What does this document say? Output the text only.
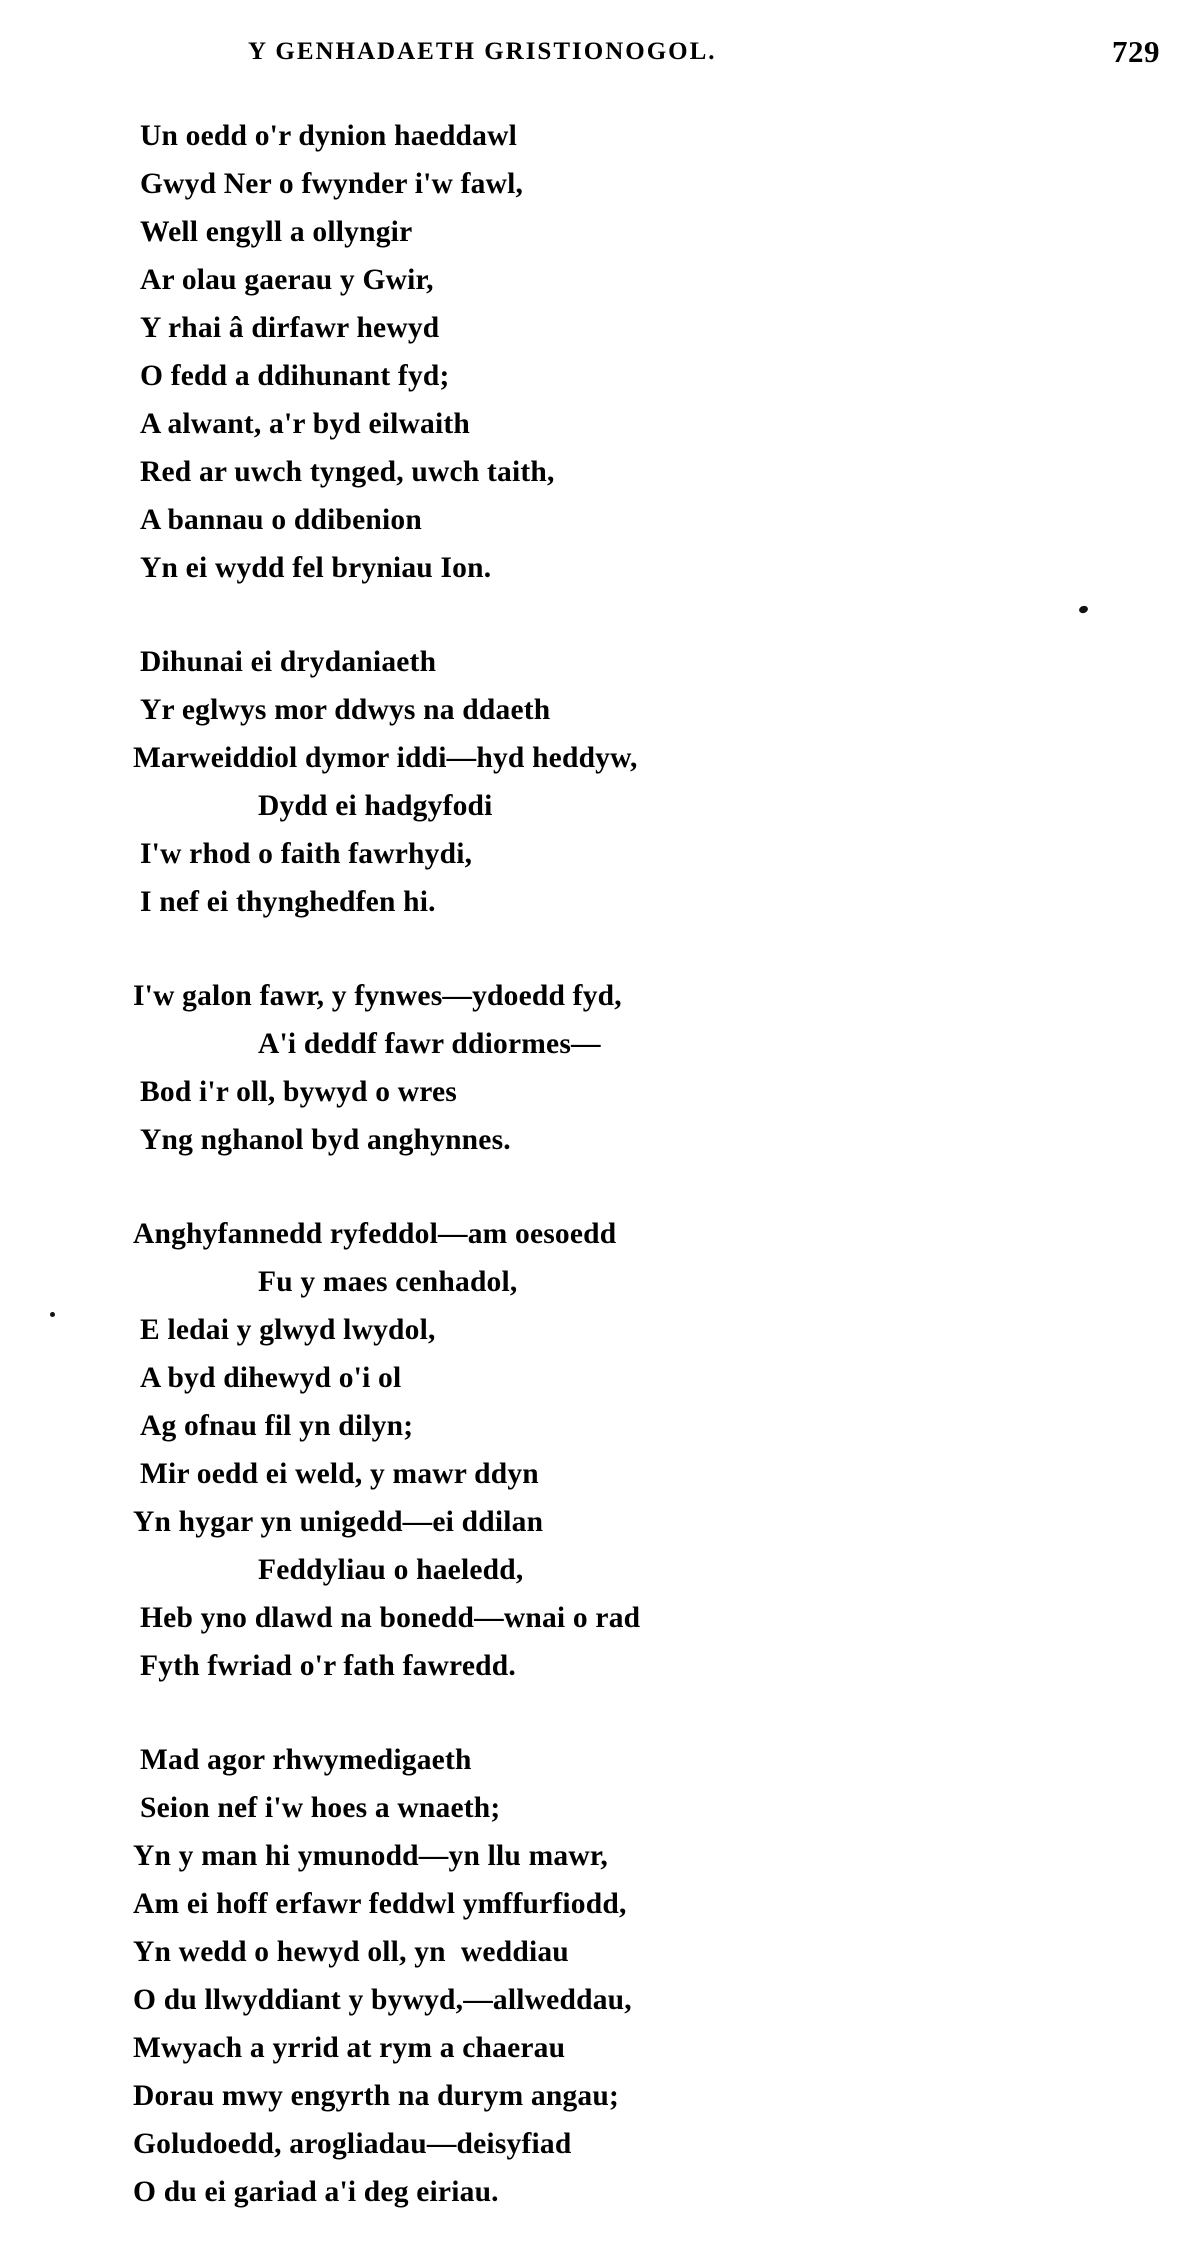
Y GENHADAETH GRISTIONOGOL.	729
Un oedd o'r dynion haeddawl
Gwyd Ner o fwynder i'w fawl,
Well engyll a ollyngir
Ar olau gaerau y Gwir,
Y rhai â dirfawr hewyd
O fedd a ddihunant fyd;
A alwant, a'r byd eilwaith
Red ar uwch tynged, uwch taith,
A bannau o ddibenion
Yn ei wydd fel bryniau Ion.
Dihunai ei drydaniaeth
Yr eglwys mor ddwys na ddaeth
Marweiddiol dymor iddi—hyd heddyw,
Dydd ei hadgyfodi
I'w rhod o faith fawrhydi,
I nef ei thynghedfen hi.
I'w galon fawr, y fynwes—ydoedd fyd,
A'i deddf fawr ddiormes—
Bod i'r oll, bywyd o wres
Yng nghanol byd anghynnes.
Anghyfannedd ryfeddol—am oesoedd
Fu y maes cenhadol,
E ledai y glwyd lwydol,
A byd dihewyd o'i ol
Ag ofnau fil yn dilyn;
Mir oedd ei weld, y mawr ddyn
Yn hygar yn unigedd—ei ddilan
Feddyliau o haeledd,
Heb yno dlawd na bonedd—wnai o rad
Fyth fwriad o'r fath fawredd.
Mad agor rhwymedigaeth
Seion nef i'w hoes a wnaeth;
Yn y man hi ymunodd—yn llu mawr,
Am ei hoff erfawr feddwl ymffurfiodd,
Yn wedd o hewyd oll, yn  weddiau
O du llwyddiant y bywyd,—allweddau,
Mwyach a yrrid at rym a chaerau
Dorau mwy engyrth na durym angau;
Goludoedd, arogliadau—deisyfiad
O du ei gariad a'i deg eiriau.
